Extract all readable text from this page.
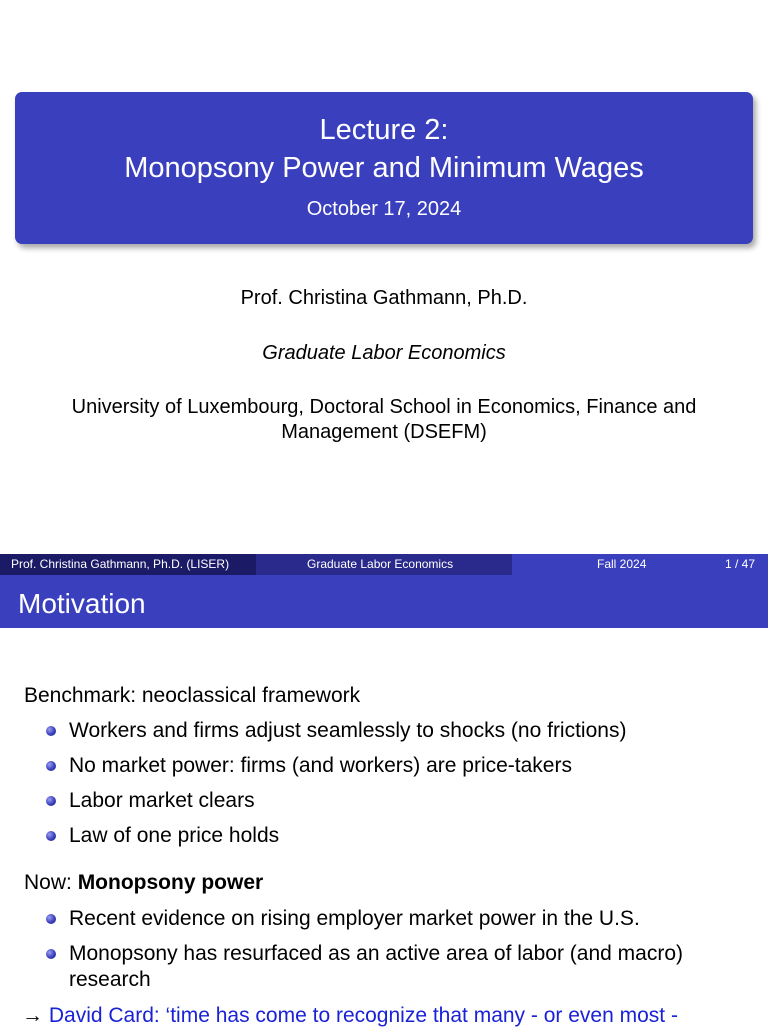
Lecture 2:
Monopsony Power and Minimum Wages
October 17, 2024
Prof. Christina Gathmann, Ph.D.
Graduate Labor Economics
University of Luxembourg, Doctoral School in Economics, Finance and Management (DSEFM)
Prof. Christina Gathmann, Ph.D. (LISER)	Graduate Labor Economics	Fall 2024	1 / 47
Motivation
Benchmark: neoclassical framework
Workers and firms adjust seamlessly to shocks (no frictions)
No market power: firms (and workers) are price-takers
Labor market clears
Law of one price holds
Now: Monopsony power
Recent evidence on rising employer market power in the U.S.
Monopsony has resurfaced as an active area of labor (and macro) research
→ David Card: ‘time has come to recognize that many - or even most -
